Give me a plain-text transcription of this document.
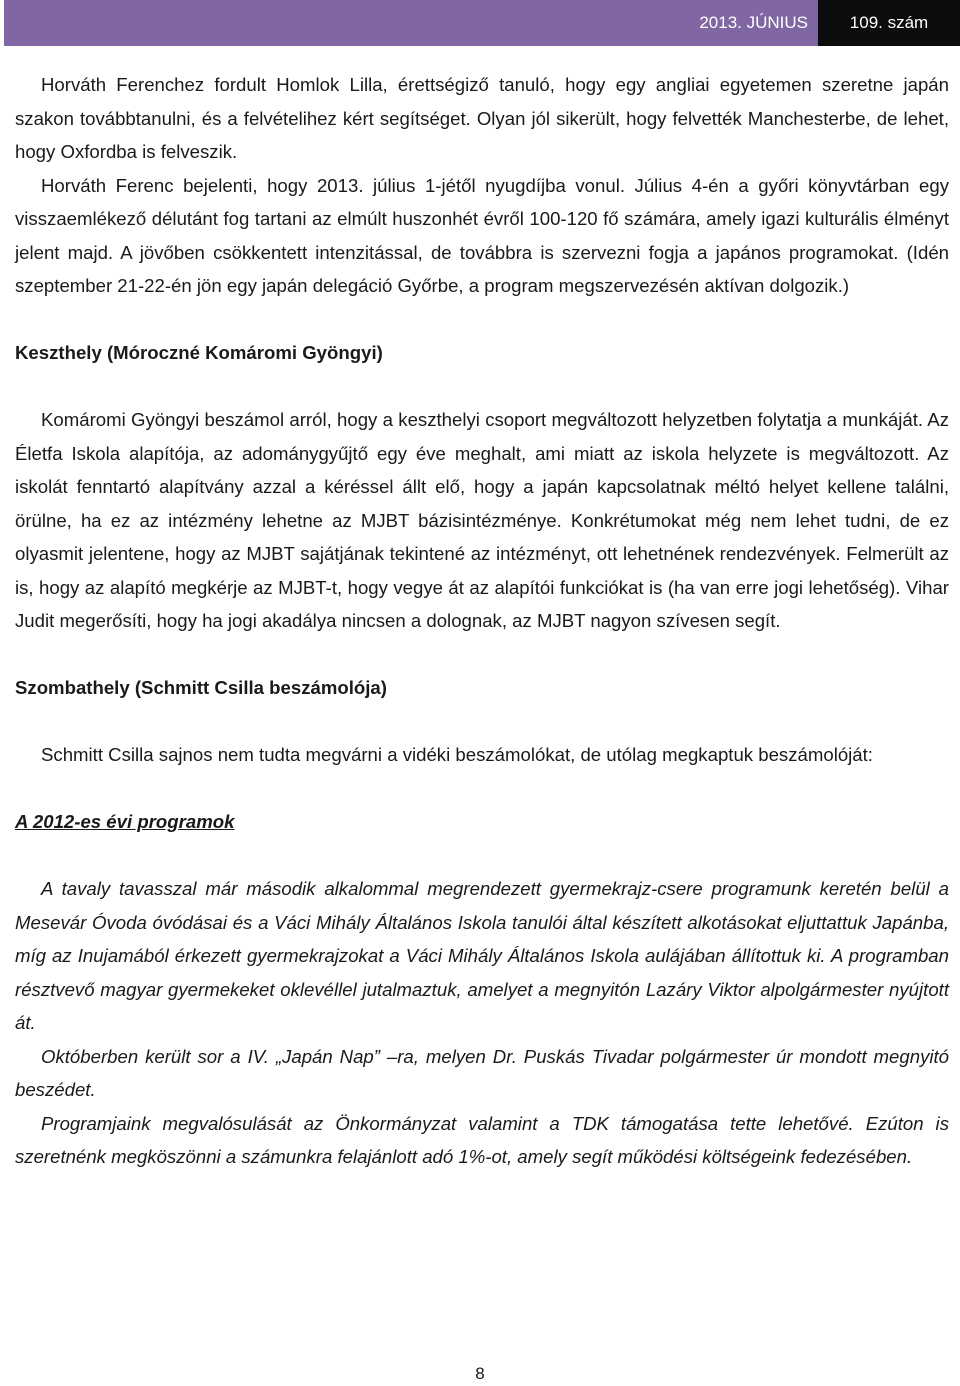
2013. JÚNIUS	109. szám

Horváth Ferenchez fordult Homlok Lilla, érettségiző tanuló, hogy egy angliai egyetemen szeretne japán szakon továbbtanulni, és a felvételihez kért segítséget. Olyan jól sikerült, hogy felvették Manchesterbe, de lehet, hogy Oxfordba is felveszik.

Horváth Ferenc bejelenti, hogy 2013. július 1-jétől nyugdíjba vonul. Július 4-én a győri könyvtárban egy visszaemlékező délutánt fog tartani az elmúlt huszonhét évről 100-120 fő számára, amely igazi kulturális élményt jelent majd. A jövőben csökkentett intenzitással, de továbbra is szervezni fogja a japános programokat. (Idén szeptember 21-22-én jön egy japán delegáció Győrbe, a program megszervezésén aktívan dolgozik.)

Keszthely (Móroczné Komáromi Gyöngyi)

Komáromi Gyöngyi beszámol arról, hogy a keszthelyi csoport megváltozott helyzetben folytatja a munkáját. Az Életfa Iskola alapítója, az adománygyűjtő egy éve meghalt, ami miatt az iskola helyzete is megváltozott. Az iskolát fenntartó alapítvány azzal a kéréssel állt elő, hogy a japán kapcsolatnak méltó helyet kellene találni, örülne, ha ez az intézmény lehetne az MJBT bázisintézménye. Konkrétumokat még nem lehet tudni, de ez olyasmit jelentene, hogy az MJBT sajátjának tekintené az intézményt, ott lehetnének rendezvények. Felmerült az is, hogy az alapító megkérje az MJBT-t, hogy vegye át az alapítói funkciókat is (ha van erre jogi lehetőség). Vihar Judit megerősíti, hogy ha jogi akadálya nincsen a dolognak, az MJBT nagyon szívesen segít.

Szombathely (Schmitt Csilla beszámolója)

Schmitt Csilla sajnos nem tudta megvárni a vidéki beszámolókat, de utólag megkaptuk beszámolóját:

A 2012-es évi programok

A tavaly tavasszal már második alkalommal megrendezett gyermekrajz-csere programunk keretén belül a Mesevár Óvoda óvódásai és a Váci Mihály Általános Iskola tanulói által készített alkotásokat eljuttattuk Japánba, míg az Inujamából érkezett gyermekrajzokat a Váci Mihály Általános Iskola aulájában állítottuk ki. A programban résztvevő magyar gyermekeket oklevéllel jutalmaztuk, amelyet a megnyitón Lazáry Viktor alpolgármester nyújtott át.

Októberben került sor a IV. „Japán Nap” –ra, melyen Dr. Puskás Tivadar polgármester úr mondott megnyitó beszédet.

Programjaink megvalósulását az Önkormányzat valamint a TDK támogatása tette lehetővé. Ezúton is szeretnénk megköszönni a számunkra felajánlott adó 1%-ot, amely segít működési költségeink fedezésében.

8
